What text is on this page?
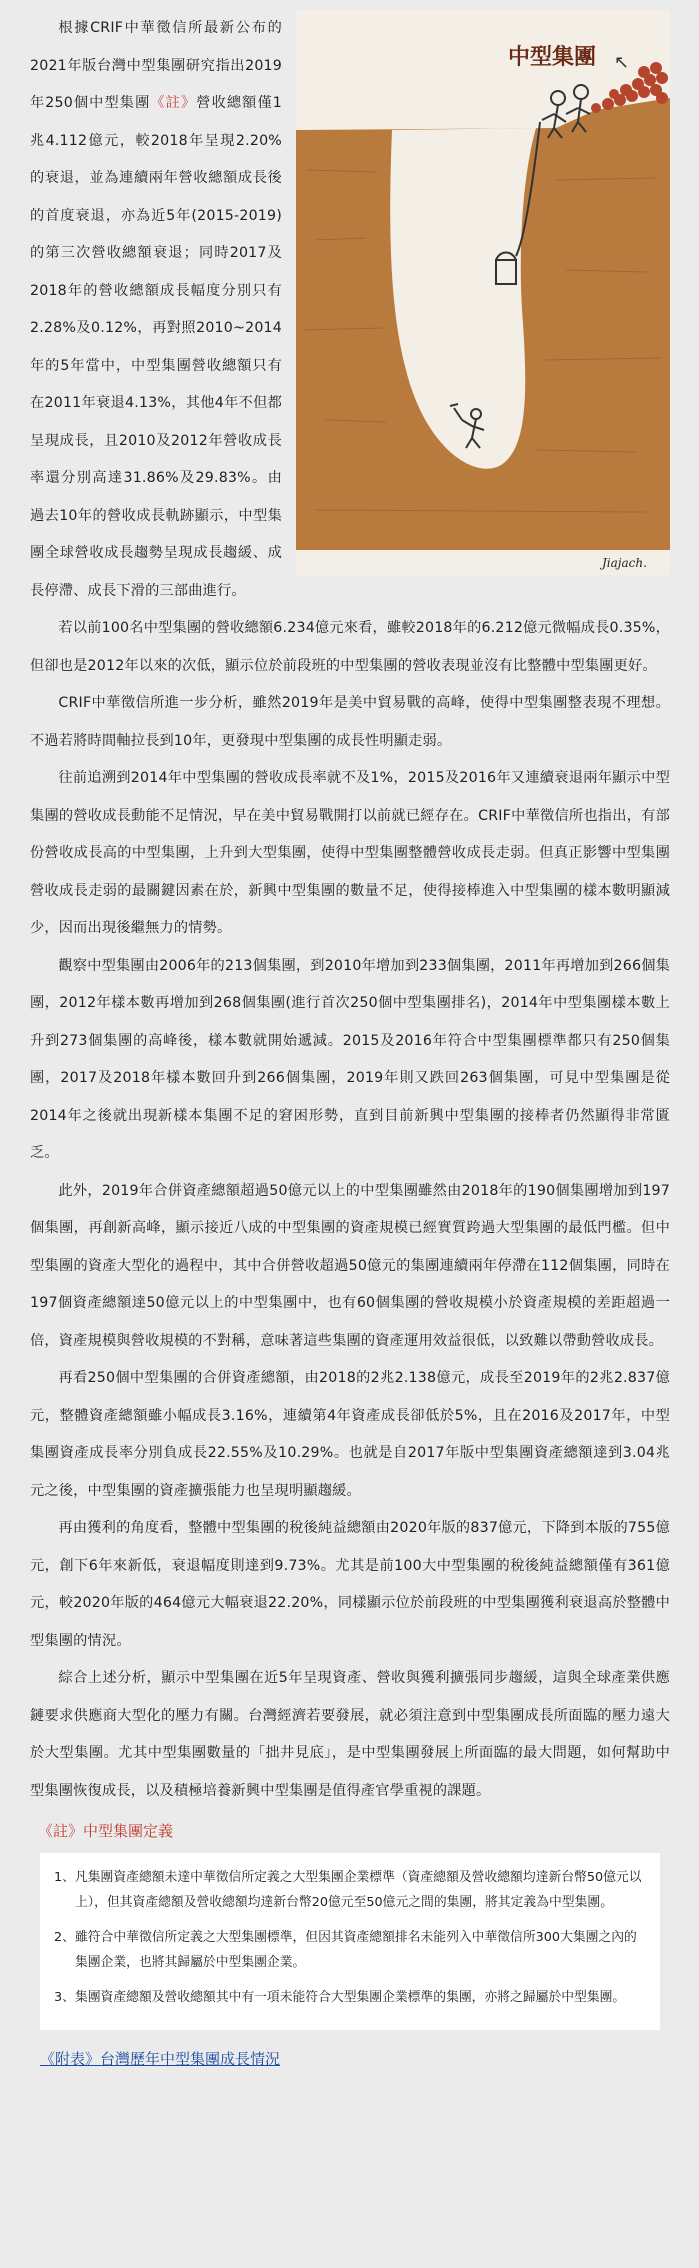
中型集團 ↖
Jiajach.

根據CRIF中華徵信所最新公布的2021年版台灣中型集團研究指出2019年250個中型集團《註》營收總額僅1兆4.112億元，較2018年呈現2.20%的衰退，並為連續兩年營收總額成長後的首度衰退，亦為近5年(2015-2019)的第三次營收總額衰退；同時2017及2018年的營收總額成長幅度分別只有2.28%及0.12%，再對照2010~2014年的5年當中，中型集團營收總額只有在2011年衰退4.13%，其他4年不但都呈現成長，且2010及2012年營收成長率還分別高達31.86%及29.83%。由過去10年的營收成長軌跡顯示，中型集團全球營收成長趨勢呈現成長趨緩、成長停滯、成長下滑的三部曲進行。

若以前100名中型集團的營收總額6.234億元來看，雖較2018年的6.212億元微幅成長0.35%，但卻也是2012年以來的次低，顯示位於前段班的中型集團的營收表現並沒有比整體中型集團更好。

CRIF中華徵信所進一步分析，雖然2019年是美中貿易戰的高峰，使得中型集團整表現不理想。不過若將時間軸拉長到10年，更發現中型集團的成長性明顯走弱。

往前追溯到2014年中型集團的營收成長率就不及1%，2015及2016年又連續衰退兩年顯示中型集團的營收成長動能不足情況，早在美中貿易戰開打以前就已經存在。CRIF中華徵信所也指出，有部份營收成長高的中型集團，上升到大型集團，使得中型集團整體營收成長走弱。但真正影響中型集團營收成長走弱的最關鍵因素在於，新興中型集團的數量不足，使得接棒進入中型集團的樣本數明顯減少，因而出現後繼無力的情勢。

觀察中型集團由2006年的213個集團，到2010年增加到233個集團，2011年再增加到266個集團，2012年樣本數再增加到268個集團(進行首次250個中型集團排名)，2014年中型集團樣本數上升到273個集團的高峰後，樣本數就開始遞減。2015及2016年符合中型集團標準都只有250個集團，2017及2018年樣本數回升到266個集團，2019年則又跌回263個集團，可見中型集團是從2014年之後就出現新樣本集團不足的窘困形勢，直到目前新興中型集團的接棒者仍然顯得非常匱乏。

此外，2019年合併資產總額超過50億元以上的中型集團雖然由2018年的190個集團增加到197個集團，再創新高峰，顯示接近八成的中型集團的資產規模已經實質跨過大型集團的最低門檻。但中型集團的資產大型化的過程中，其中合併營收超過50億元的集團連續兩年停滯在112個集團，同時在197個資產總額達50億元以上的中型集團中，也有60個集團的營收規模小於資產規模的差距超過一倍，資產規模與營收規模的不對稱，意味著這些集團的資產運用效益很低，以致難以帶動營收成長。

再看250個中型集團的合併資產總額，由2018的2兆2.138億元，成長至2019年的2兆2.837億元，整體資產總額雖小幅成長3.16%，連續第4年資產成長卻低於5%，且在2016及2017年，中型集團資產成長率分別負成長22.55%及10.29%。也就是自2017年版中型集團資產總額達到3.04兆元之後，中型集團的資產擴張能力也呈現明顯趨緩。

再由獲利的角度看，整體中型集團的稅後純益總額由2020年版的837億元，下降到本版的755億元，創下6年來新低，衰退幅度則達到9.73%。尤其是前100大中型集團的稅後純益總額僅有361億元，較2020年版的464億元大幅衰退22.20%，同樣顯示位於前段班的中型集團獲利衰退高於整體中型集團的情況。

綜合上述分析，顯示中型集團在近5年呈現資產、營收與獲利擴張同步趨緩，這與全球產業供應鏈要求供應商大型化的壓力有關。台灣經濟若要發展，就必須注意到中型集團成長所面臨的壓力遠大於大型集團。尤其中型集團數量的「拙井見底」，是中型集團發展上所面臨的最大問題，如何幫助中型集團恢復成長，以及積極培養新興中型集團是值得產官學重視的課題。

《註》中型集團定義
1、 凡集團資產總額未達中華徵信所定義之大型集團企業標準（資產總額及營收總額均達新台幣50億元以上），但其資產總額及營收總額均達新台幣20億元至50億元之間的集團，將其定義為中型集團。
2、 雖符合中華徵信所定義之大型集團標準，但因其資產總額排名未能列入中華徵信所300大集團之內的集團企業，也將其歸屬於中型集團企業。
3、 集團資產總額及營收總額其中有一項未能符合大型集團企業標準的集團，亦將之歸屬於中型集團。
《附表》台灣歷年中型集團成長情況
